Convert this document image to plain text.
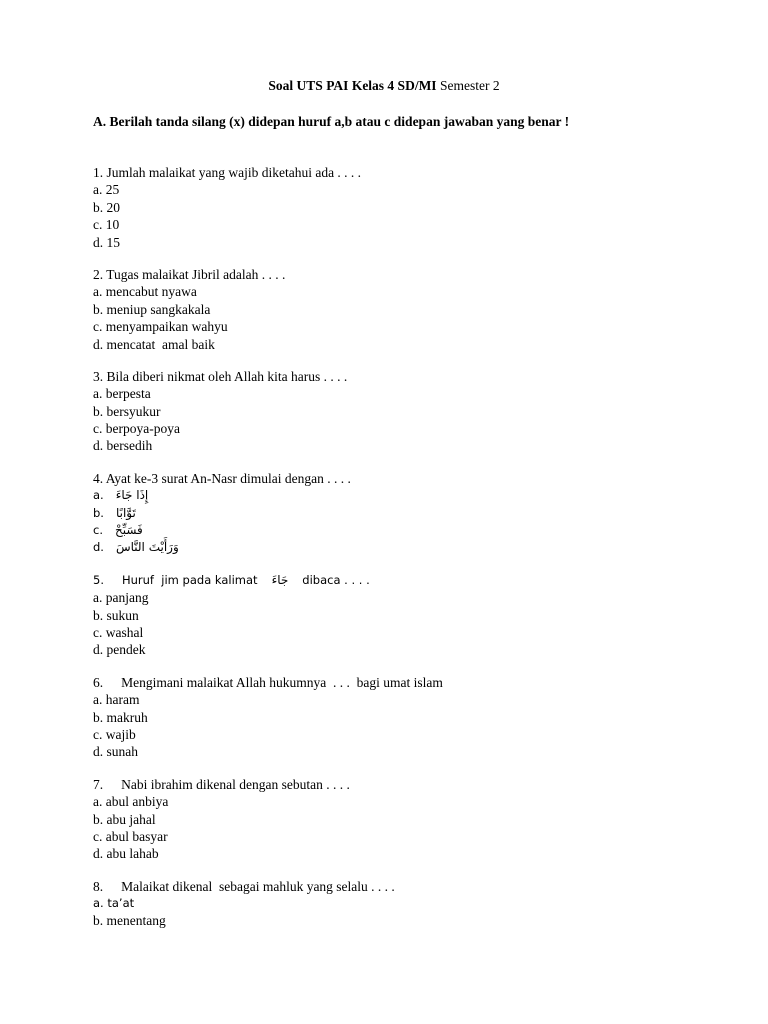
Soal UTS PAI Kelas 4 SD/MI Semester 2
A. Berilah tanda silang (x) didepan huruf a,b atau c didepan jawaban yang benar !
1. Jumlah malaikat yang wajib diketahui ada . . . .
a. 25
b. 20
c. 10
d. 15
2. Tugas malaikat Jibril adalah . . . .
a. mencabut nyawa
b. meniup sangkakala
c. menyampaikan wahyu
d. mencatat  amal baik
3. Bila diberi nikmat oleh Allah kita harus . . . .
a. berpesta
b. bersyukur
c. berpoya-poya
d. bersedih
4. Ayat ke-3 surat An-Nasr dimulai dengan . . . .
a. إِذَا جَاءَ
b. تَوَّابًا
c. فَسَبِّحْ
d. وَرَأَيْتَ النَّاسَ
5. Huruf  jim pada kalimat جَاءَ dibaca . . . .
a. panjang
b. sukun
c. washal
d. pendek
6. Mengimani malaikat Allah hukumnya  . . .  bagi umat islam
a. haram
b. makruh
c. wajib
d. sunah
7. Nabi ibrahim dikenal dengan sebutan . . . .
a. abul anbiya
b. abu jahal
c. abul basyar
d. abu lahab
8. Malaikat dikenal  sebagai mahluk yang selalu . . . .
a. ta’at
b. menentang
